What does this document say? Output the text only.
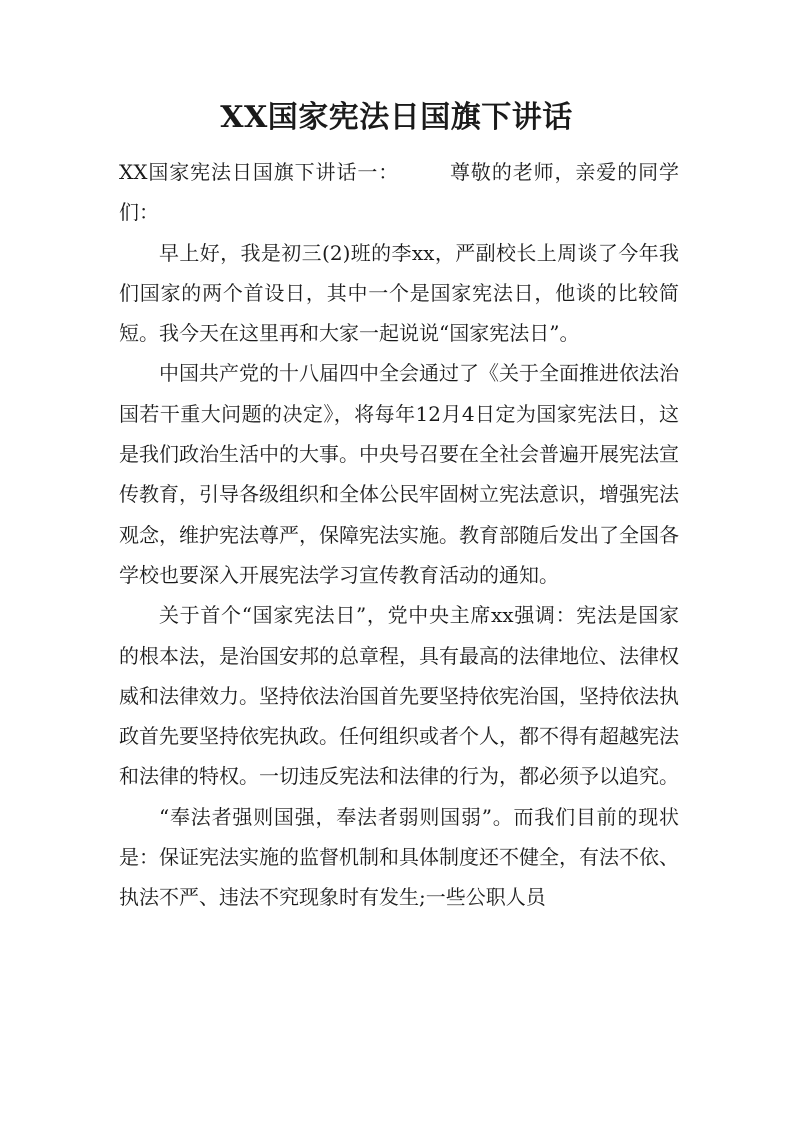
XX国家宪法日国旗下讲话

XX国家宪法日国旗下讲话一：	尊敬的老师，亲爱的同学们：

早上好，我是初三(2)班的李xx，严副校长上周谈了今年我们国家的两个首设日，其中一个是国家宪法日，他谈的比较简短。我今天在这里再和大家一起说说“国家宪法日”。

中国共产党的十八届四中全会通过了《关于全面推进依法治国若干重大问题的决定》，将每年12月4日定为国家宪法日，这是我们政治生活中的大事。中央号召要在全社会普遍开展宪法宣传教育，引导各级组织和全体公民牢固树立宪法意识，增强宪法观念，维护宪法尊严，保障宪法实施。教育部随后发出了全国各学校也要深入开展宪法学习宣传教育活动的通知。

关于首个“国家宪法日”，党中央主席xx强调：宪法是国家的根本法，是治国安邦的总章程，具有最高的法律地位、法律权威和法律效力。坚持依法治国首先要坚持依宪治国，坚持依法执政首先要坚持依宪执政。任何组织或者个人，都不得有超越宪法和法律的特权。一切违反宪法和法律的行为，都必须予以追究。

“奉法者强则国强，奉法者弱则国弱”。而我们目前的现状是：保证宪法实施的监督机制和具体制度还不健全，有法不依、执法不严、违法不究现象时有发生;一些公职人员
